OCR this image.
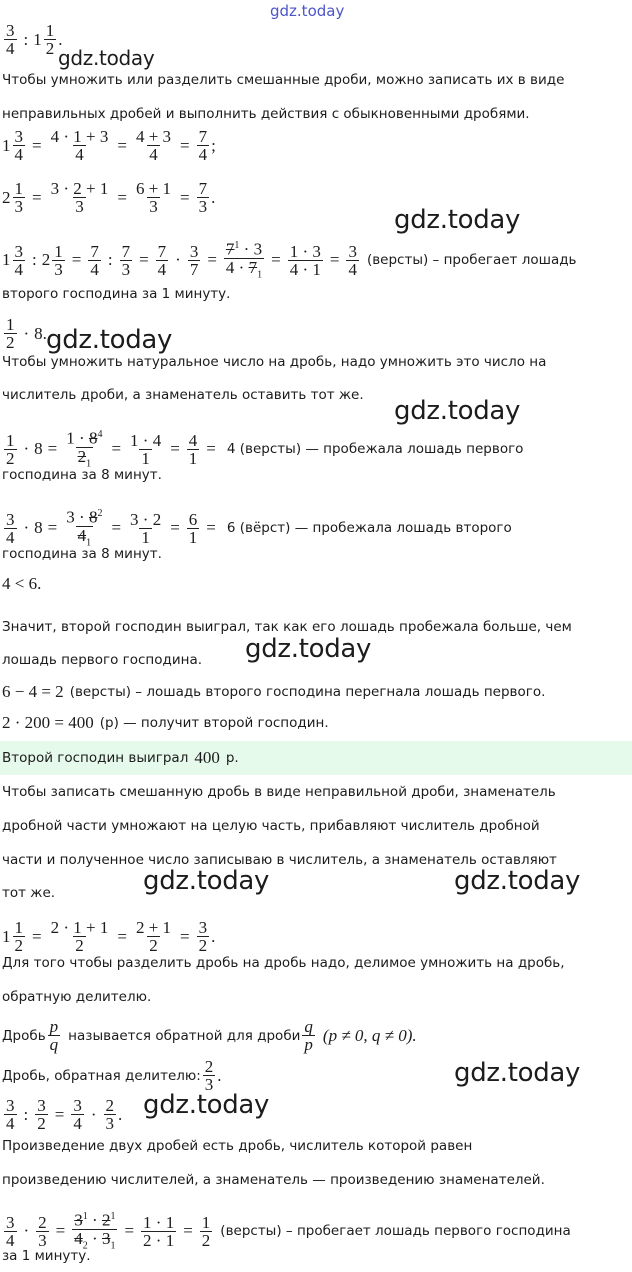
gdz.today
$\frac{3}{4}$ : $1 \frac{1}{2}$ .
Чтобы умножить или разделить смешанные дроби, можно записать их в виде
неправильных дробей и выполнить действия с обыкновенными дробями.
$1 \frac{3}{4} = \frac{4 \cdot 1 + 3}{4} = \frac{4 + 3}{4} = \frac{7}{4}$ ;
$2 \frac{1}{3} = \frac{3 \cdot 2 + 1}{3} = \frac{6 + 1}{3} = \frac{7}{3}$ .
$1 \frac{3}{4}$ : $2 \frac{1}{3} = \frac{7}{4}$ : $\frac{7}{3} = \frac{7}{4} \cdot \frac{3}{7} = \frac{7^1 \cdot 3}{4 \cdot 7_1} = \frac{1 \cdot 3}{4 \cdot 1} = \frac{3}{4}$ (версты) – пробегает лошадь
второго господина за 1 минуту.
$\frac{1}{2} \cdot 8$.
Чтобы умножить натуральное число на дробь, надо умножить это число на
числитель дроби, а знаменатель оставить тот же.
$\frac{1}{2} \cdot 8 = \frac{1 \cdot 8^4}{2_1} = \frac{1 \cdot 4}{1} = \frac{4}{1} = 4$ (версты) — пробежала лошадь первого
господина за 8 минут.
$\frac{3}{4} \cdot 8 = \frac{3 \cdot 8^2}{4_1} = \frac{3 \cdot 2}{1} = \frac{6}{1} = 6$ (вёрст) — пробежала лошадь второго
господина за 8 минут.
4 < 6.
Значит, второй господин выиграл, так как его лошадь пробежала больше, чем
лошадь первого господина.
6 − 4 = 2 (версты) – лошадь второго господина перегнала лошадь первого.
2 · 200 = 400 (р) — получит второй господин.
Второй господин выиграл 400 р.
Чтобы записать смешанную дробь в виде неправильной дроби, знаменатель
дробной части умножают на целую часть, прибавляют числитель дробной
части и полученное число записываю в числитель, а знаменатель оставляют
тот же.
$1 \frac{1}{2} = \frac{2 \cdot 1 + 1}{2} = \frac{2 + 1}{2} = \frac{3}{2}$ .
Для того чтобы разделить дробь на дробь надо, делимое умножить на дробь,
обратную делителю.
Дробь $\frac{p}{q}$ называется обратной для дроби $\frac{q}{p} (p \ne 0$, q ≠ 0).
Дробь, обратная делителю: $\frac{2}{3}$ .
$\frac{3}{4}$ : $\frac{3}{2} = \frac{3}{4} \cdot \frac{2}{3}$ .
Произведение двух дробей есть дробь, числитель которой равен
произведению числителей, а знаменатель — произведению знаменателей.
$\frac{3}{4} \cdot \frac{2}{3} = \frac{3^1 \cdot 2^1}{4_2 \cdot 3_1} = \frac{1 \cdot 1}{2 \cdot 1} = \frac{1}{2}$ (версты) – пробегает лошадь первого господина
за 1 минуту.
gdz.today
gdz.today
gdz.today
gdz.today
gdz.today
gdz.today	gdz.today
gdz.today
gdz.today
